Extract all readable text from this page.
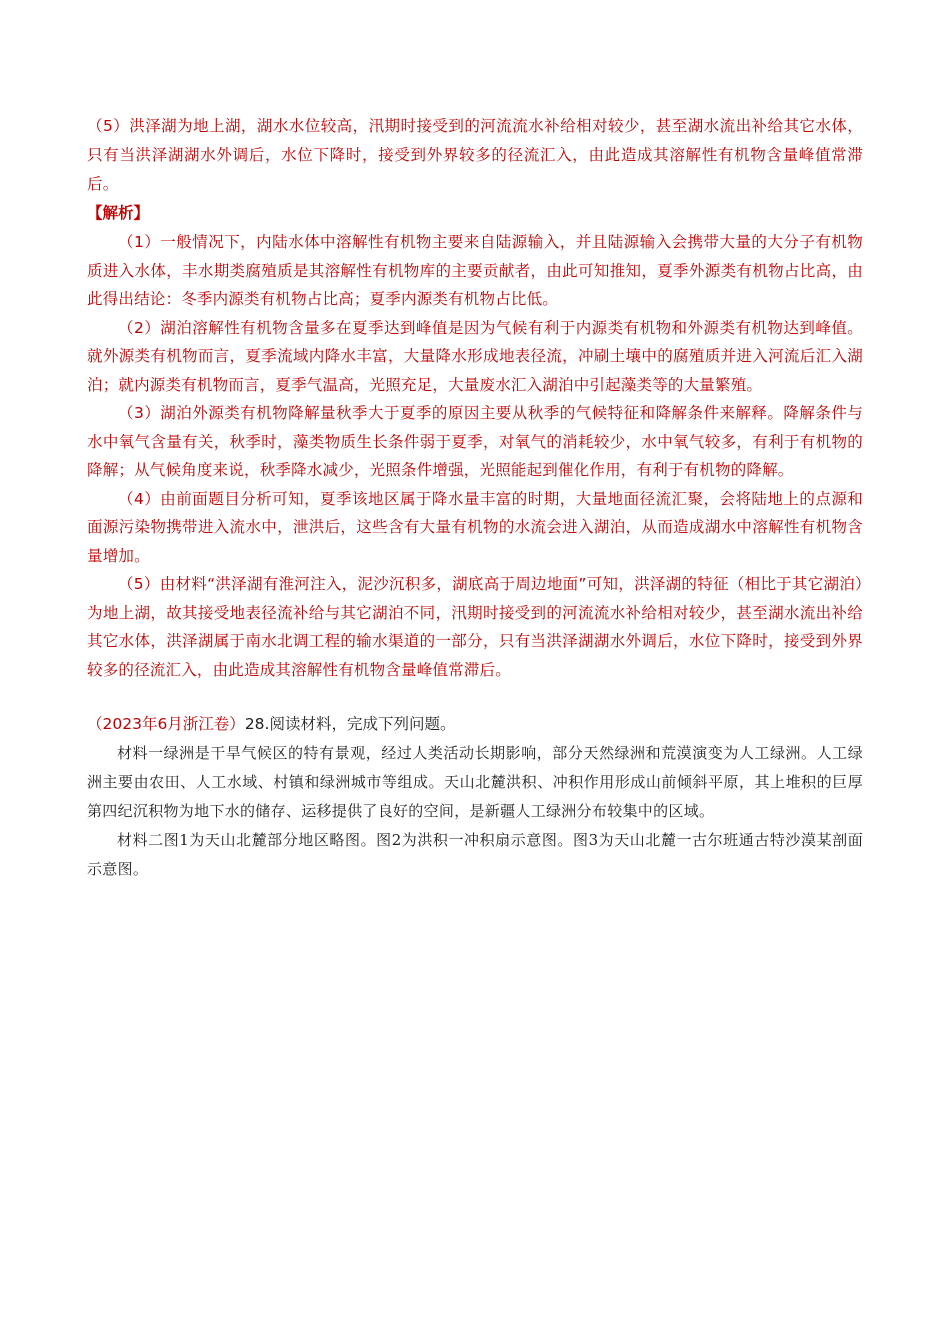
（5）洪泽湖为地上湖，湖水水位较高，汛期时接受到的河流流水补给相对较少，甚至湖水流出补给其它水体，只有当洪泽湖湖水外调后，水位下降时，接受到外界较多的径流汇入，由此造成其溶解性有机物含量峰值常滞后。

【解析】

（1）一般情况下，内陆水体中溶解性有机物主要来自陆源输入，并且陆源输入会携带大量的大分子有机物质进入水体，丰水期类腐殖质是其溶解性有机物库的主要贡献者，由此可知推知，夏季外源类有机物占比高，由此得出结论：冬季内源类有机物占比高；夏季内源类有机物占比低。

（2）湖泊溶解性有机物含量多在夏季达到峰值是因为气候有利于内源类有机物和外源类有机物达到峰值。就外源类有机物而言，夏季流域内降水丰富，大量降水形成地表径流，冲刷土壤中的腐殖质并进入河流后汇入湖泊；就内源类有机物而言，夏季气温高，光照充足，大量废水汇入湖泊中引起藻类等的大量繁殖。

（3）湖泊外源类有机物降解量秋季大于夏季的原因主要从秋季的气候特征和降解条件来解释。降解条件与水中氧气含量有关，秋季时，藻类物质生长条件弱于夏季，对氧气的消耗较少，水中氧气较多，有利于有机物的降解；从气候角度来说，秋季降水减少，光照条件增强，光照能起到催化作用，有利于有机物的降解。

（4）由前面题目分析可知，夏季该地区属于降水量丰富的时期，大量地面径流汇聚，会将陆地上的点源和面源污染物携带进入流水中，泄洪后，这些含有大量有机物的水流会进入湖泊，从而造成湖水中溶解性有机物含量增加。

（5）由材料“洪泽湖有淮河注入，泥沙沉积多，湖底高于周边地面”可知，洪泽湖的特征（相比于其它湖泊）为地上湖，故其接受地表径流补给与其它湖泊不同，汛期时接受到的河流流水补给相对较少，甚至湖水流出补给其它水体，洪泽湖属于南水北调工程的输水渠道的一部分，只有当洪泽湖湖水外调后，水位下降时，接受到外界较多的径流汇入，由此造成其溶解性有机物含量峰值常滞后。

（2023年6月浙江卷）28.阅读材料，完成下列问题。

材料一绿洲是干旱气候区的特有景观，经过人类活动长期影响，部分天然绿洲和荒漠演变为人工绿洲。人工绿洲主要由农田、人工水域、村镇和绿洲城市等组成。天山北麓洪积、冲积作用形成山前倾斜平原，其上堆积的巨厚第四纪沉积物为地下水的储存、运移提供了良好的空间，是新疆人工绿洲分布较集中的区域。

材料二图1为天山北麓部分地区略图。图2为洪积一冲积扇示意图。图3为天山北麓一古尔班通古特沙漠某剖面示意图。
